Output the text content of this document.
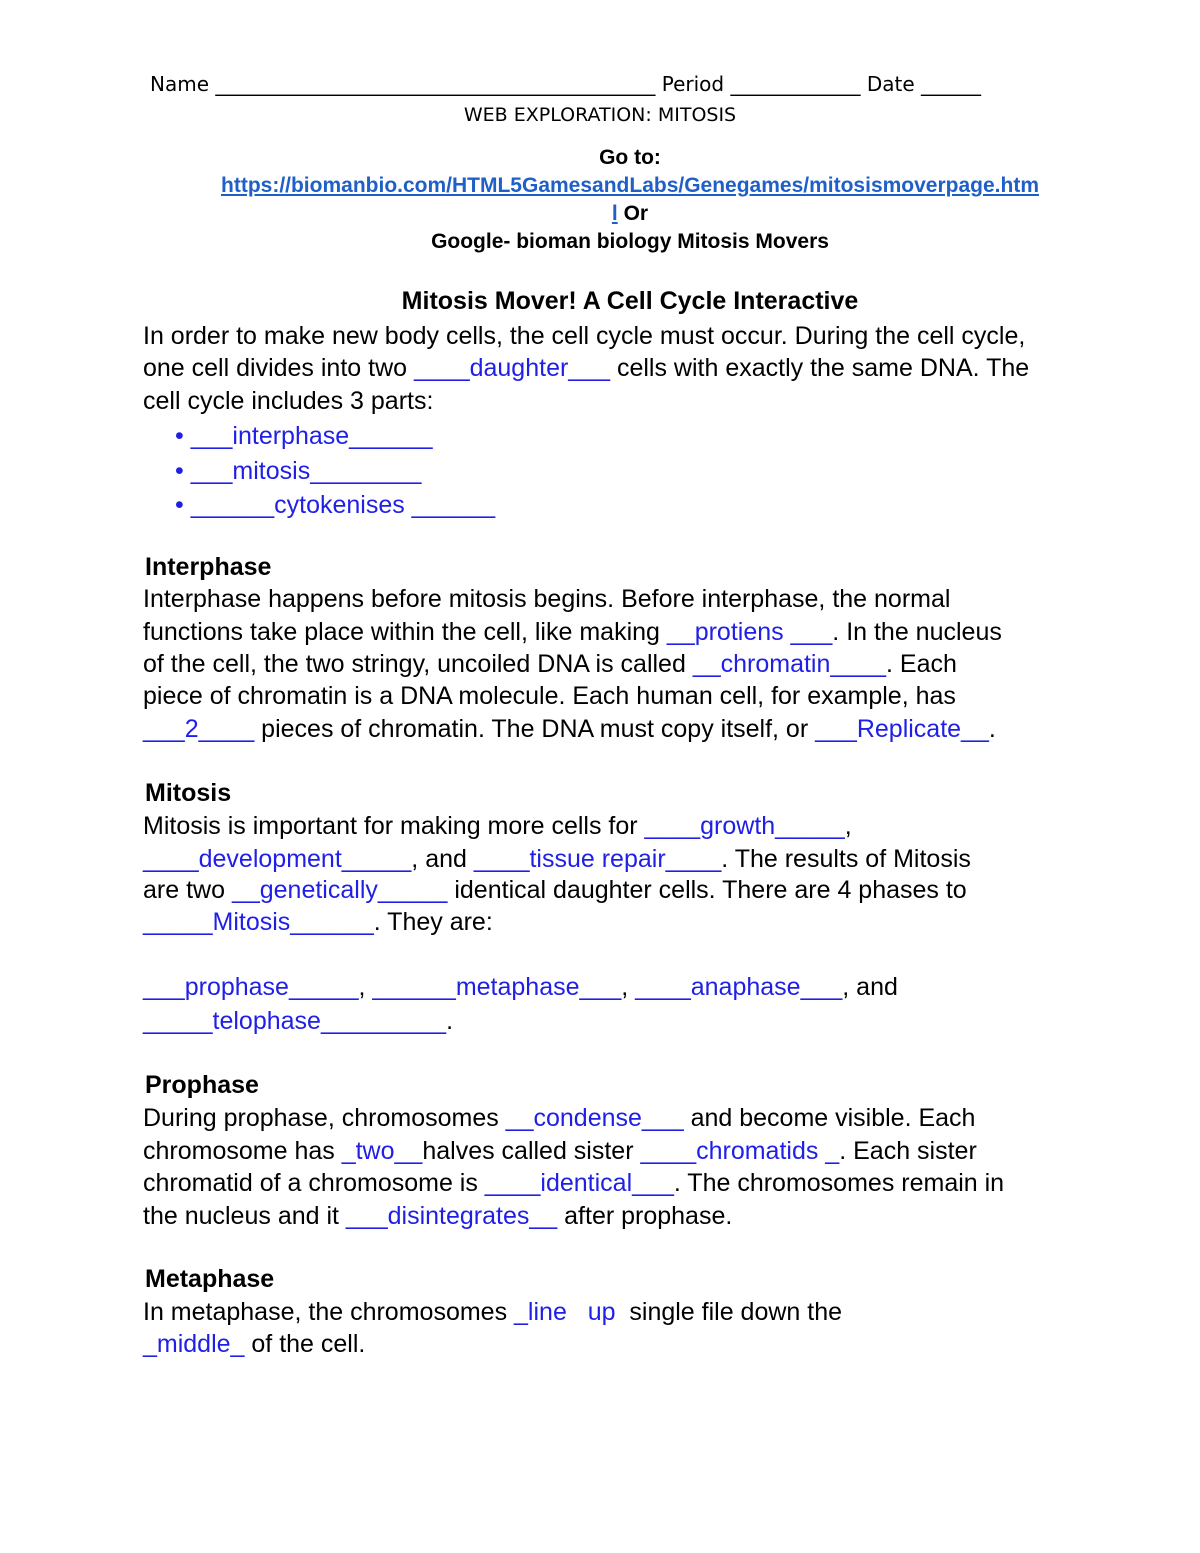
Name ____________________________________________ Period _____________ Date ______
WEB EXPLORATION: MITOSIS
Go to:
https://biomanbio.com/HTML5GamesandLabs/Genegames/mitosismoverpage.htm
l Or
Google- bioman biology Mitosis Movers
Mitosis Mover! A Cell Cycle Interactive
In order to make new body cells, the cell cycle must occur. During the cell cycle,
one cell divides into two ____daughter___ cells with exactly the same DNA. The
cell cycle includes 3 parts:
• ___interphase______
• ___mitosis________
• ______cytokenises ______
Interphase
Interphase happens before mitosis begins. Before interphase, the normal
functions take place within the cell, like making __protiens ___. In the nucleus
of the cell, the two stringy, uncoiled DNA is called __chromatin____. Each
piece of chromatin is a DNA molecule. Each human cell, for example, has
___2____ pieces of chromatin. The DNA must copy itself, or ___Replicate__.
Mitosis
Mitosis is important for making more cells for ____growth_____,
____development_____, and ____tissue repair____. The results of Mitosis
are two __genetically_____ identical daughter cells. There are 4 phases to
_____Mitosis______. They are:
___prophase_____, ______metaphase___, ____anaphase___, and
_____telophase_________.
Prophase
During prophase, chromosomes __condense___ and become visible. Each
chromosome has _two__halves called sister ____chromatids _. Each sister
chromatid of a chromosome is ____identical___. The chromosomes remain in
the nucleus and it ___disintegrates__ after prophase.
Metaphase
In metaphase, the chromosomes _line   up  single file down the
_middle_ of the cell.
